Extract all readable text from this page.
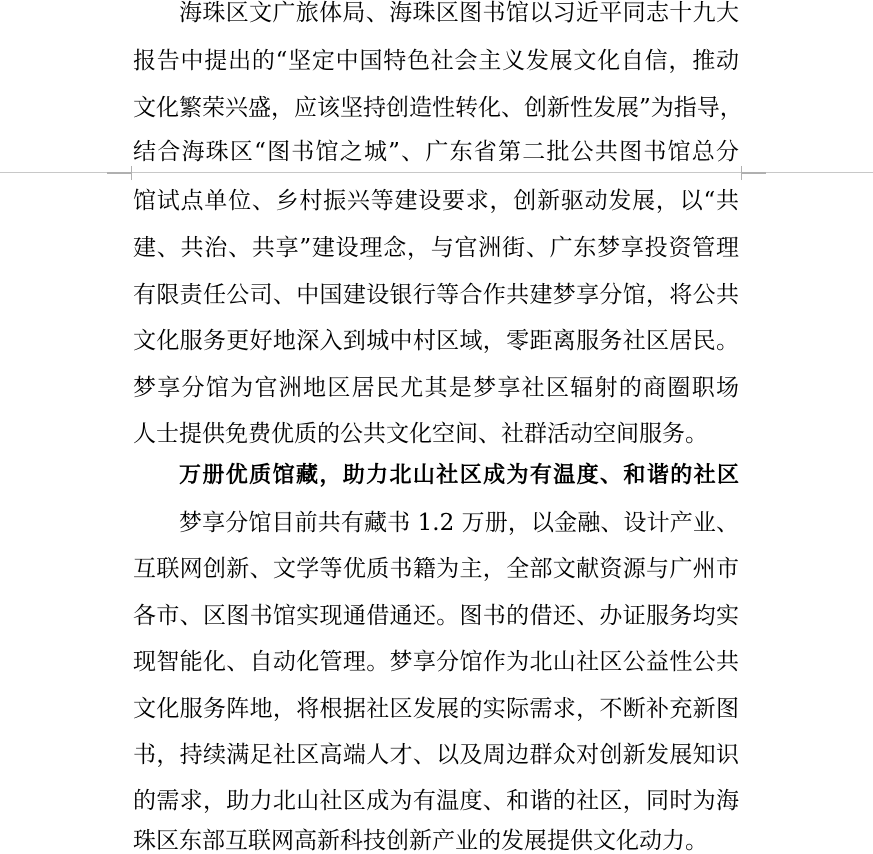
海珠区文广旅体局、海珠区图书馆以习近平同志十九大
报告中提出的“坚定中国特色社会主义发展文化自信，推动
文化繁荣兴盛，应该坚持创造性转化、创新性发展”为指导，
结合海珠区“图书馆之城”、广东省第二批公共图书馆总分
馆试点单位、乡村振兴等建设要求，创新驱动发展，以“共
建、共治、共享”建设理念，与官洲街、广东梦享投资管理
有限责任公司、中国建设银行等合作共建梦享分馆，将公共
文化服务更好地深入到城中村区域，零距离服务社区居民。
梦享分馆为官洲地区居民尤其是梦享社区辐射的商圈职场
人士提供免费优质的公共文化空间、社群活动空间服务。
万册优质馆藏，助力北山社区成为有温度、和谐的社区
梦享分馆目前共有藏书 1.2 万册，以金融、设计产业、
互联网创新、文学等优质书籍为主，全部文献资源与广州市
各市、区图书馆实现通借通还。图书的借还、办证服务均实
现智能化、自动化管理。梦享分馆作为北山社区公益性公共
文化服务阵地，将根据社区发展的实际需求，不断补充新图
书，持续满足社区高端人才、以及周边群众对创新发展知识
的需求，助力北山社区成为有温度、和谐的社区，同时为海
珠区东部互联网高新科技创新产业的发展提供文化动力。
